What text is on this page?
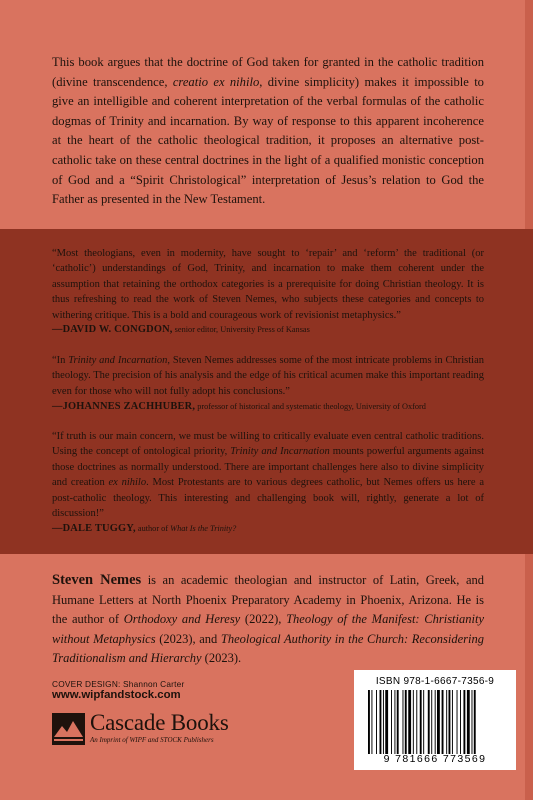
This book argues that the doctrine of God taken for granted in the catholic tradition (divine transcendence, creatio ex nihilo, divine simplicity) makes it impossible to give an intelligible and coherent interpretation of the verbal formulas of the catholic dogmas of Trinity and incarnation. By way of response to this apparent incoherence at the heart of the catholic theological tradition, it proposes an alternative post-catholic take on these central doctrines in the light of a qualified monistic conception of God and a “Spirit Christological” interpretation of Jesus’s relation to God the Father as presented in the New Testament.

“Most theologians, even in modernity, have sought to ‘repair’ and ‘reform’ the traditional (or ‘catholic’) understandings of God, Trinity, and incarnation to make them coherent under the assumption that retaining the orthodox categories is a prerequisite for doing Christian theology. It is thus refreshing to read the work of Steven Nemes, who subjects these categories and concepts to withering critique. This is a bold and courageous work of revisionist metaphysics.”

—DAVID W. CONGDON, senior editor, University Press of Kansas

“In Trinity and Incarnation, Steven Nemes addresses some of the most intricate problems in Christian theology. The precision of his analysis and the edge of his critical acumen make this important reading even for those who will not fully adopt his conclusions.”

—JOHANNES ZACHHUBER, professor of historical and systematic theology, University of Oxford

“If truth is our main concern, we must be willing to critically evaluate even central catholic traditions. Using the concept of ontological priority, Trinity and Incarnation mounts powerful arguments against those doctrines as normally understood. There are important challenges here also to divine simplicity and creation ex nihilo. Most Protestants are to various degrees catholic, but Nemes offers us here a post-catholic theology. This interesting and challenging book will, rightly, generate a lot of discussion!”

—DALE TUGGY, author of What Is the Trinity?

Steven Nemes is an academic theologian and instructor of Latin, Greek, and Humane Letters at North Phoenix Preparatory Academy in Phoenix, Arizona. He is the author of Orthodoxy and Heresy (2022), Theology of the Manifest: Christianity without Metaphysics (2023), and Theological Authority in the Church: Reconsidering Traditionalism and Hierarchy (2023).

COVER DESIGN: Shannon Carter
www.wipfandstock.com
Cascade Books
An Imprint of WIPF and STOCK Publishers
ISBN 978-1-6667-7356-9
9 781666 773569
